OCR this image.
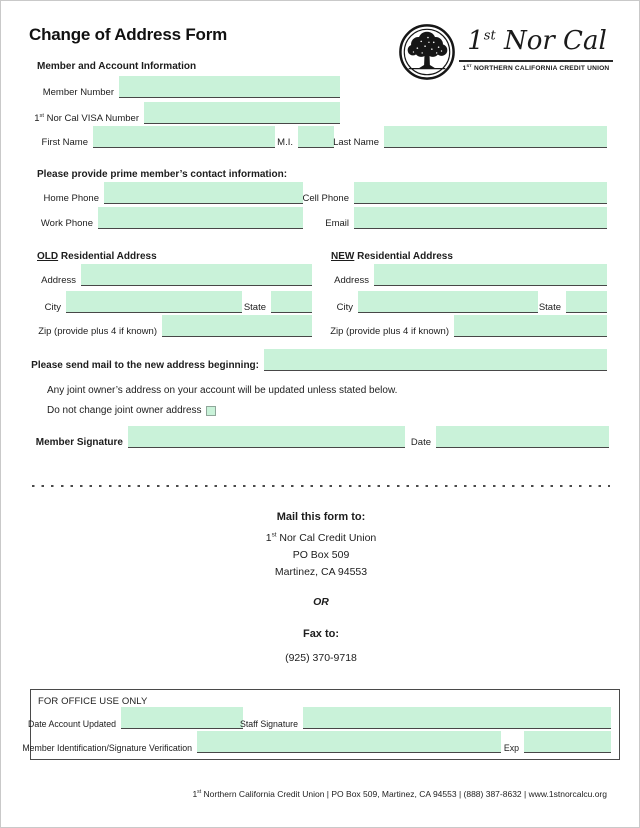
Change of Address Form	1st Nor Cal
1ST NORTHERN CALIFORNIA CREDIT UNION
Member and Account Information
Member Number
1st Nor Cal VISA Number
First Name	M.I.	Last Name
Please provide prime member’s contact information:
Home Phone	Cell Phone
Work Phone	Email
OLD Residential Address
Address
City	State
Zip (provide plus 4 if known)
NEW Residential Address
Address
City	State
Zip (provide plus 4 if known)
Please send mail to the new address beginning:
Any joint owner’s address on your account will be updated unless stated below.
Do not change joint owner address
Member Signature	Date
Mail this form to:
1st Nor Cal Credit Union
PO Box 509
Martinez, CA 94553
OR
Fax to:
(925) 370-9718
FOR OFFICE USE ONLY
Date Account Updated	Staff Signature
Member Identification/Signature Verification	Exp
1st Northern California Credit Union | PO Box 509, Martinez, CA 94553 | (888) 387-8632 | www.1stnorcalcu.org
